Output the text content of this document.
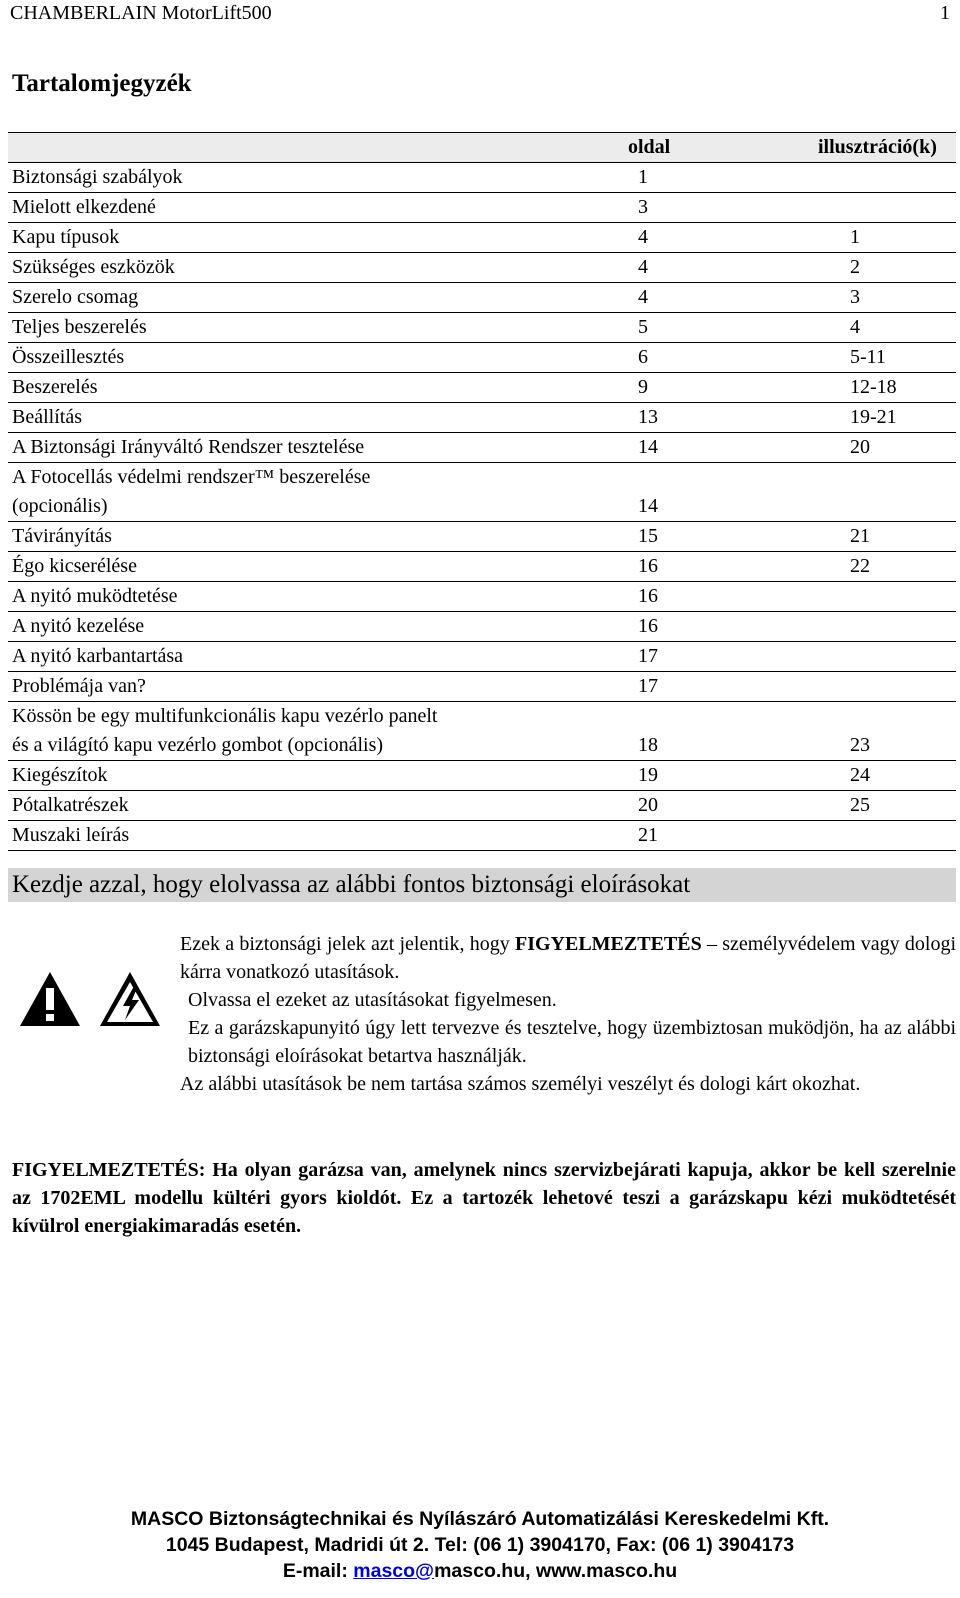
CHAMBERLAIN MotorLift500	1
Tartalomjegyzék
	oldal	illusztráció(k)
Biztonsági szabályok	1	
Mielott elkezdené	3	
Kapu típusok	4	1
Szükséges eszközök	4	2
Szerelo csomag	4	3
Teljes beszerelés	5	4
Összeillesztés	6	5-11
Beszerelés	9	12-18
Beállítás	13	19-21
A Biztonsági Irányváltó Rendszer tesztelése	14	20
A Fotocellás védelmi rendszer™ beszerelése
(opcionális)	14	
Távirányítás	15	21
Égo kicserélése	16	22
A nyitó muködtetése	16	
A nyitó kezelése	16	
A nyitó karbantartása	17	
Problémája van?	17	
Kössön be egy multifunkcionális kapu vezérlo panelt
és a világító kapu vezérlo gombot (opcionális)	18	23
Kiegészítok	19	24
Pótalkatrészek	20	25
Muszaki leírás	21	
Kezdje azzal, hogy elolvassa az alábbi fontos biztonsági eloírásokat

Ezek a biztonsági jelek azt jelentik, hogy FIGYELMEZTETÉS – személyvédelem vagy dologi kárra vonatkozó utasítások.

Olvassa el ezeket az utasításokat figyelmesen.

Ez a garázskapunyitó úgy lett tervezve és tesztelve, hogy üzembiztosan muködjön, ha az alábbi biztonsági eloírásokat betartva használják.

Az alábbi utasítások be nem tartása számos személyi veszélyt és dologi kárt okozhat.

FIGYELMEZTETÉS: Ha olyan garázsa van, amelynek nincs szervizbejárati kapuja, akkor be kell szerelnie az 1702EML modellu kültéri gyors kioldót. Ez a tartozék lehetové teszi a garázskapu kézi muködtetését kívülrol energiakimaradás esetén.
MASCO Biztonságtechnikai és Nyílászáró Automatizálási Kereskedelmi Kft.
1045 Budapest, Madridi út 2. Tel: (06 1) 3904170, Fax: (06 1) 3904173
E-mail: masco@masco.hu, www.masco.hu
